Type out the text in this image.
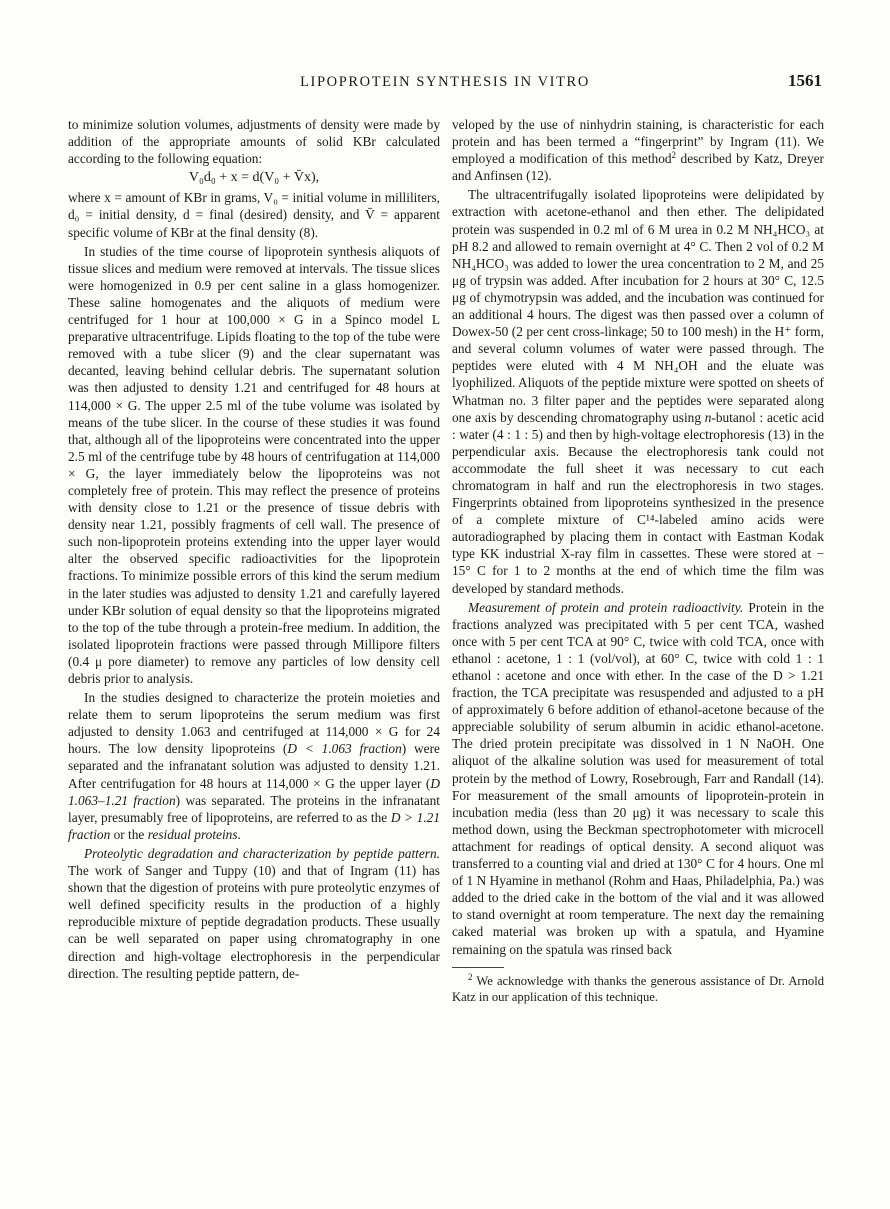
LIPOPROTEIN SYNTHESIS IN VITRO	1561

to minimize solution volumes, adjustments of density were made by addition of the appropriate amounts of solid KBr calculated according to the following equation:

V₀d₀ + x = d(V₀ + V̄x),

where x = amount of KBr in grams, V₀ = initial volume in milliliters, d₀ = initial density, d = final (desired) density, and V̄ = apparent specific volume of KBr at the final density (8).

In studies of the time course of lipoprotein synthesis aliquots of tissue slices and medium were removed at intervals. The tissue slices were homogenized in 0.9 per cent saline in a glass homogenizer. These saline homogenates and the aliquots of medium were centrifuged for 1 hour at 100,000 × G in a Spinco model L preparative ultracentrifuge. Lipids floating to the top of the tube were removed with a tube slicer (9) and the clear supernatant was decanted, leaving behind cellular debris. The supernatant solution was then adjusted to density 1.21 and centrifuged for 48 hours at 114,000 × G. The upper 2.5 ml of the tube volume was isolated by means of the tube slicer. In the course of these studies it was found that, although all of the lipoproteins were concentrated into the upper 2.5 ml of the centrifuge tube by 48 hours of centrifugation at 114,000 × G, the layer immediately below the lipoproteins was not completely free of protein. This may reflect the presence of proteins with density close to 1.21 or the presence of tissue debris with density near 1.21, possibly fragments of cell wall. The presence of such non-lipoprotein proteins extending into the upper layer would alter the observed specific radioactivities for the lipoprotein fractions. To minimize possible errors of this kind the serum medium in the later studies was adjusted to density 1.21 and carefully layered under KBr solution of equal density so that the lipoproteins migrated to the top of the tube through a protein-free medium. In addition, the isolated lipoprotein fractions were passed through Millipore filters (0.4 μ pore diameter) to remove any particles of low density cell debris prior to analysis.

In the studies designed to characterize the protein moieties and relate them to serum lipoproteins the serum medium was first adjusted to density 1.063 and centrifuged at 114,000 × G for 24 hours. The low density lipoproteins (D < 1.063 fraction) were separated and the infranatant solution was adjusted to density 1.21. After centrifugation for 48 hours at 114,000 × G the upper layer (D 1.063–1.21 fraction) was separated. The proteins in the infranatant layer, presumably free of lipoproteins, are referred to as the D > 1.21 fraction or the residual proteins.

Proteolytic degradation and characterization by peptide pattern. The work of Sanger and Tuppy (10) and that of Ingram (11) has shown that the digestion of proteins with pure proteolytic enzymes of well defined specificity results in the production of a highly reproducible mixture of peptide degradation products. These usually can be well separated on paper using chromatography in one direction and high-voltage electrophoresis in the perpendicular direction. The resulting peptide pattern, de-

veloped by the use of ninhydrin staining, is characteristic for each protein and has been termed a “fingerprint” by Ingram (11). We employed a modification of this method$^2$ described by Katz, Dreyer and Anfinsen (12).

The ultracentrifugally isolated lipoproteins were delipidated by extraction with acetone-ethanol and then ether. The delipidated protein was suspended in 0.2 ml of 6 M urea in 0.2 M NH₄HCO₃ at pH 8.2 and allowed to remain overnight at 4° C. Then 2 vol of 0.2 M NH₄HCO₃ was added to lower the urea concentration to 2 M, and 25 μg of trypsin was added. After incubation for 2 hours at 30° C, 12.5 μg of chymotrypsin was added, and the incubation was continued for an additional 4 hours. The digest was then passed over a column of Dowex-50 (2 per cent cross-linkage; 50 to 100 mesh) in the H⁺ form, and several column volumes of water were passed through. The peptides were eluted with 4 M NH₄OH and the eluate was lyophilized. Aliquots of the peptide mixture were spotted on sheets of Whatman no. 3 filter paper and the peptides were separated along one axis by descending chromatography using n-butanol : acetic acid : water (4 : 1 : 5) and then by high-voltage electrophoresis (13) in the perpendicular axis. Because the electrophoresis tank could not accommodate the full sheet it was necessary to cut each chromatogram in half and run the electrophoresis in two stages. Fingerprints obtained from lipoproteins synthesized in the presence of a complete mixture of C¹⁴-labeled amino acids were autoradiographed by placing them in contact with Eastman Kodak type KK industrial X-ray film in cassettes. These were stored at − 15° C for 1 to 2 months at the end of which time the film was developed by standard methods.

Measurement of protein and protein radioactivity. Protein in the fractions analyzed was precipitated with 5 per cent TCA, washed once with 5 per cent TCA at 90° C, twice with cold TCA, once with ethanol : acetone, 1 : 1 (vol/vol), at 60° C, twice with cold 1 : 1 ethanol : acetone and once with ether. In the case of the D > 1.21 fraction, the TCA precipitate was resuspended and adjusted to a pH of approximately 6 before addition of ethanol-acetone because of the appreciable solubility of serum albumin in acidic ethanol-acetone. The dried protein precipitate was dissolved in 1 N NaOH. One aliquot of the alkaline solution was used for measurement of total protein by the method of Lowry, Rosebrough, Farr and Randall (14). For measurement of the small amounts of lipoprotein-protein in incubation media (less than 20 μg) it was necessary to scale this method down, using the Beckman spectrophotometer with microcell attachment for readings of optical density. A second aliquot was transferred to a counting vial and dried at 130° C for 4 hours. One ml of 1 N Hyamine in methanol (Rohm and Haas, Philadelphia, Pa.) was added to the dried cake in the bottom of the vial and it was allowed to stand overnight at room temperature. The next day the remaining caked material was broken up with a spatula, and Hyamine remaining on the spatula was rinsed back

$^2$ We acknowledge with thanks the generous assistance of Dr. Arnold Katz in our application of this technique.
